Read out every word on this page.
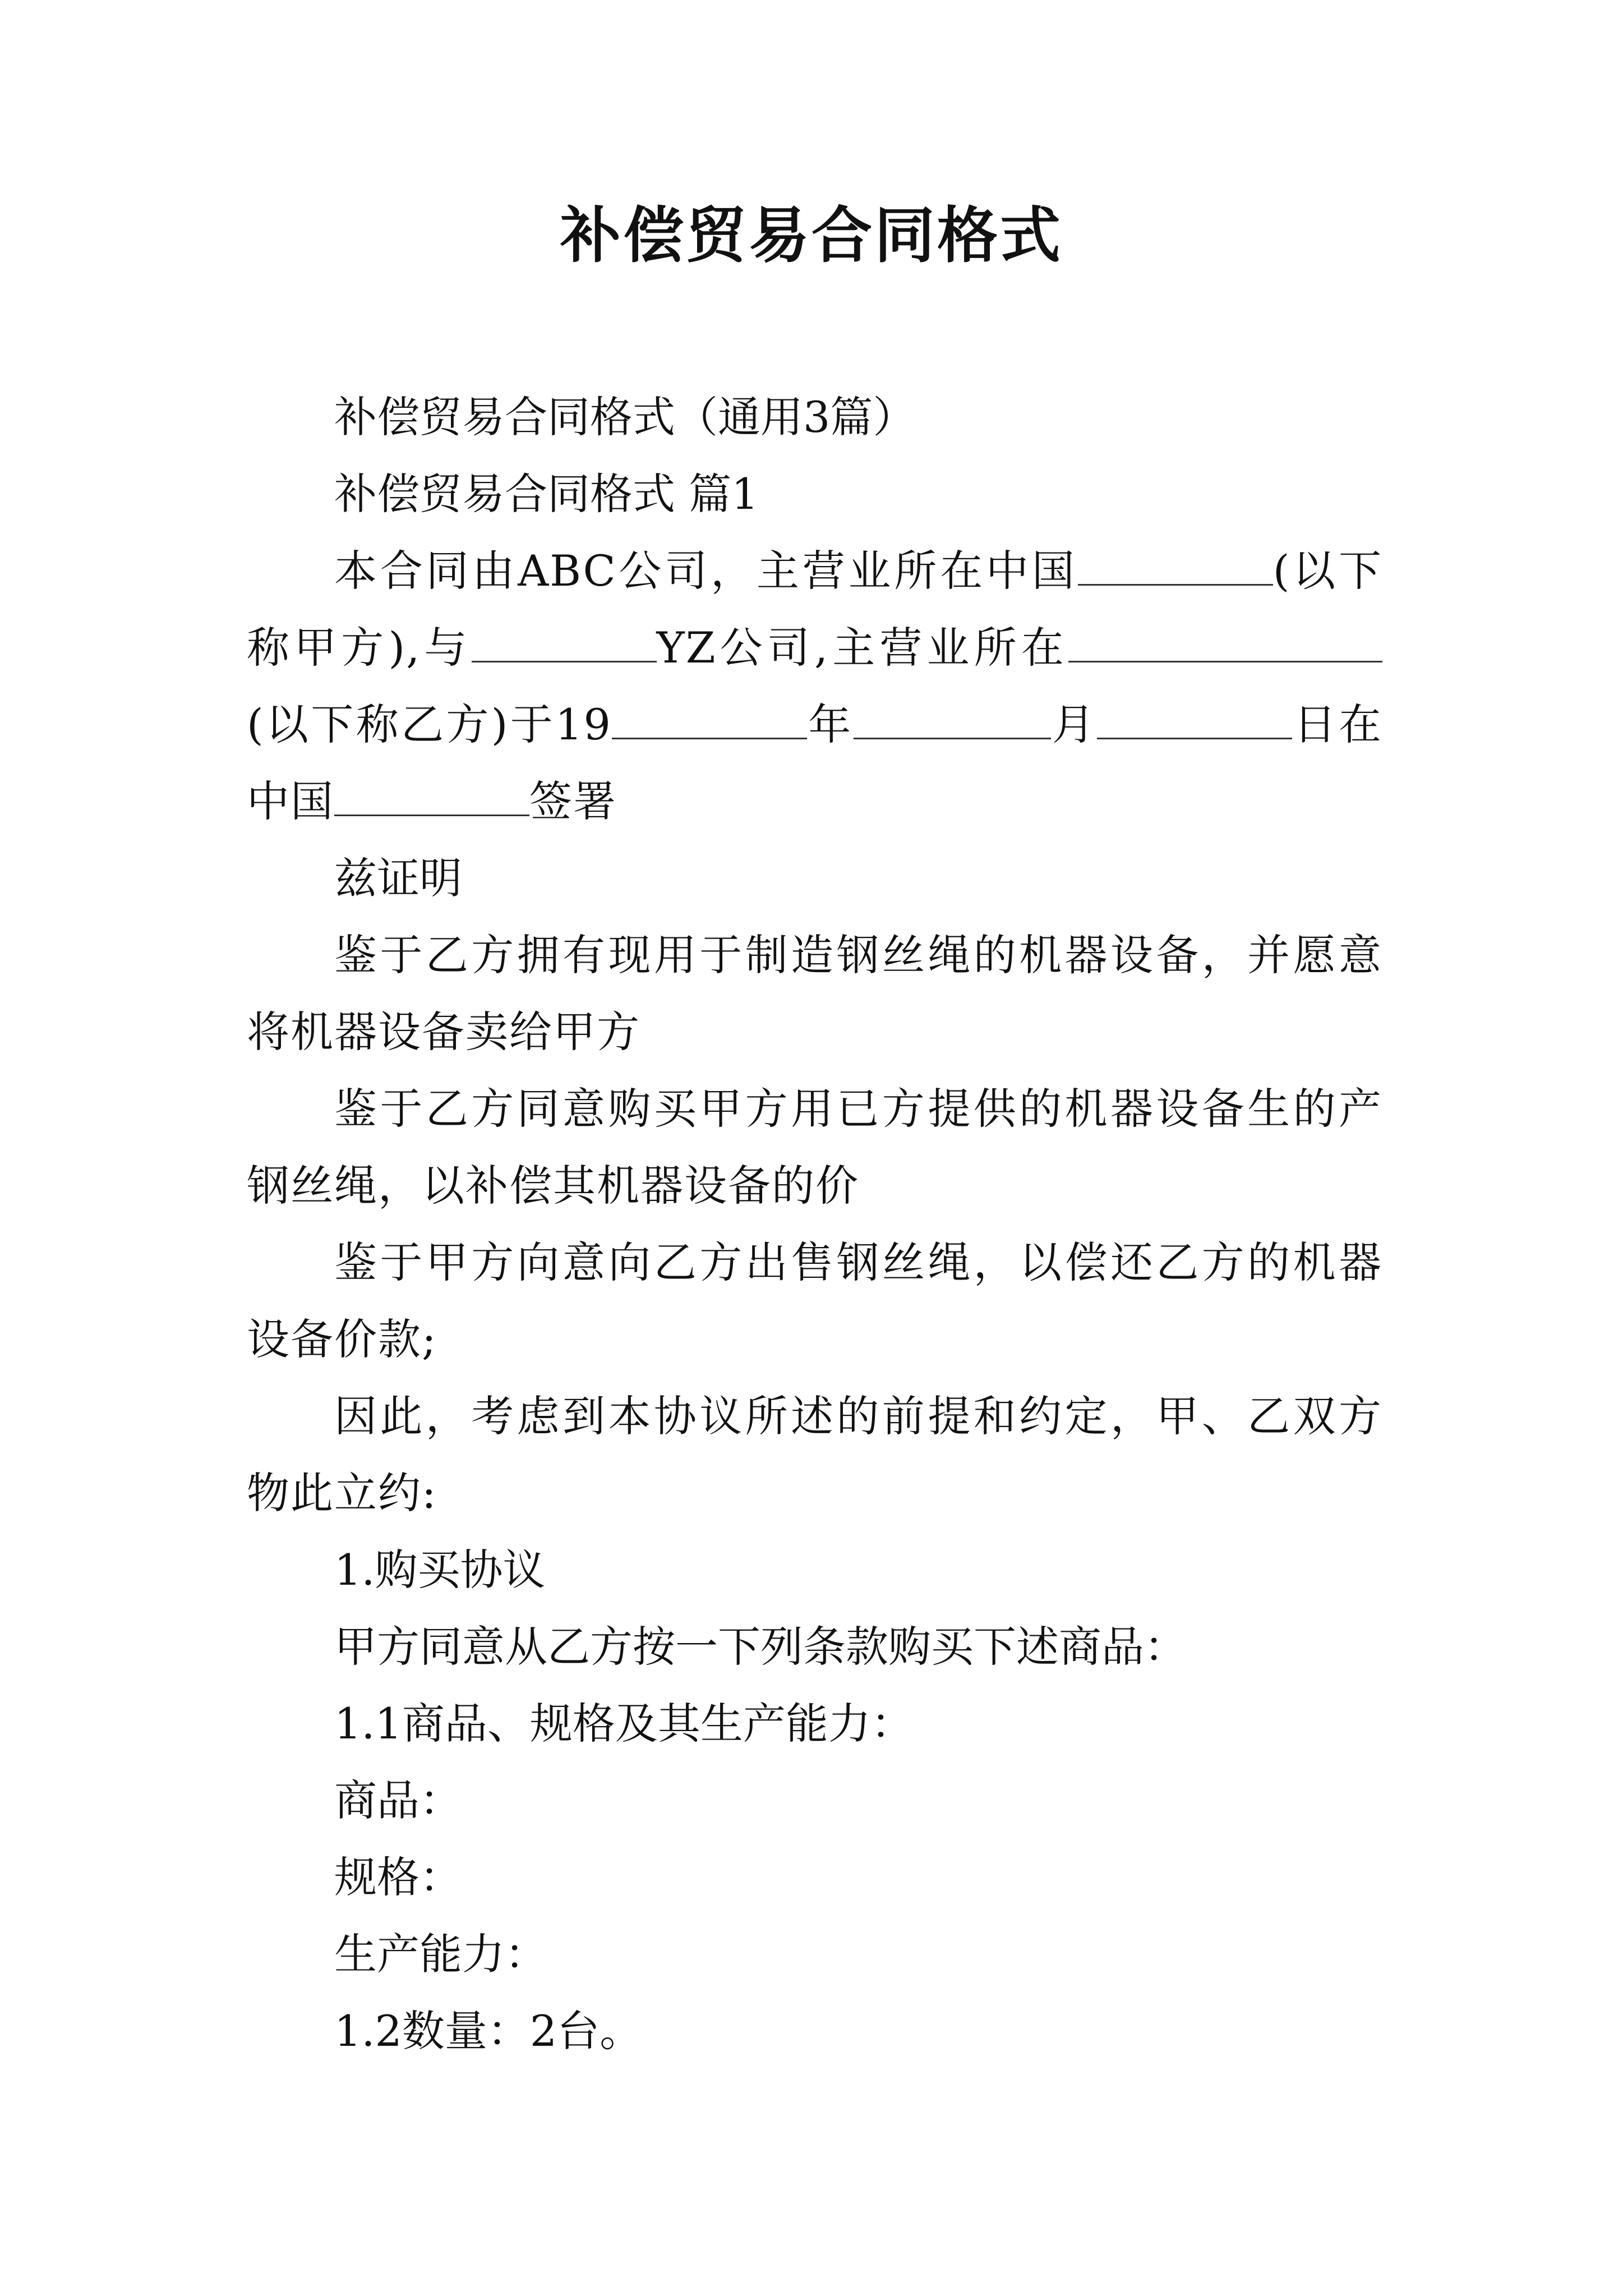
补偿贸易合同格式

补偿贸易合同格式（通用3篇）

补偿贸易合同格式 篇1

本合同由ABC公司，主营业所在中国	(以下称甲方),与	YZ公司,主营业所在(以下称乙方)于19	年	月	日在中国	签署

兹证明

鉴于乙方拥有现用于制造钢丝绳的机器设备，并愿意将机器设备卖给甲方

鉴于乙方同意购买甲方用已方提供的机器设备生的产钢丝绳，以补偿其机器设备的价

鉴于甲方向意向乙方出售钢丝绳，以偿还乙方的机器设备价款;

因此，考虑到本协议所述的前提和约定，甲、乙双方物此立约:

1.购买协议

甲方同意从乙方按一下列条款购买下述商品：

1.1商品、规格及其生产能力：

商品：

规格：

生产能力：

1.2数量：2台。
